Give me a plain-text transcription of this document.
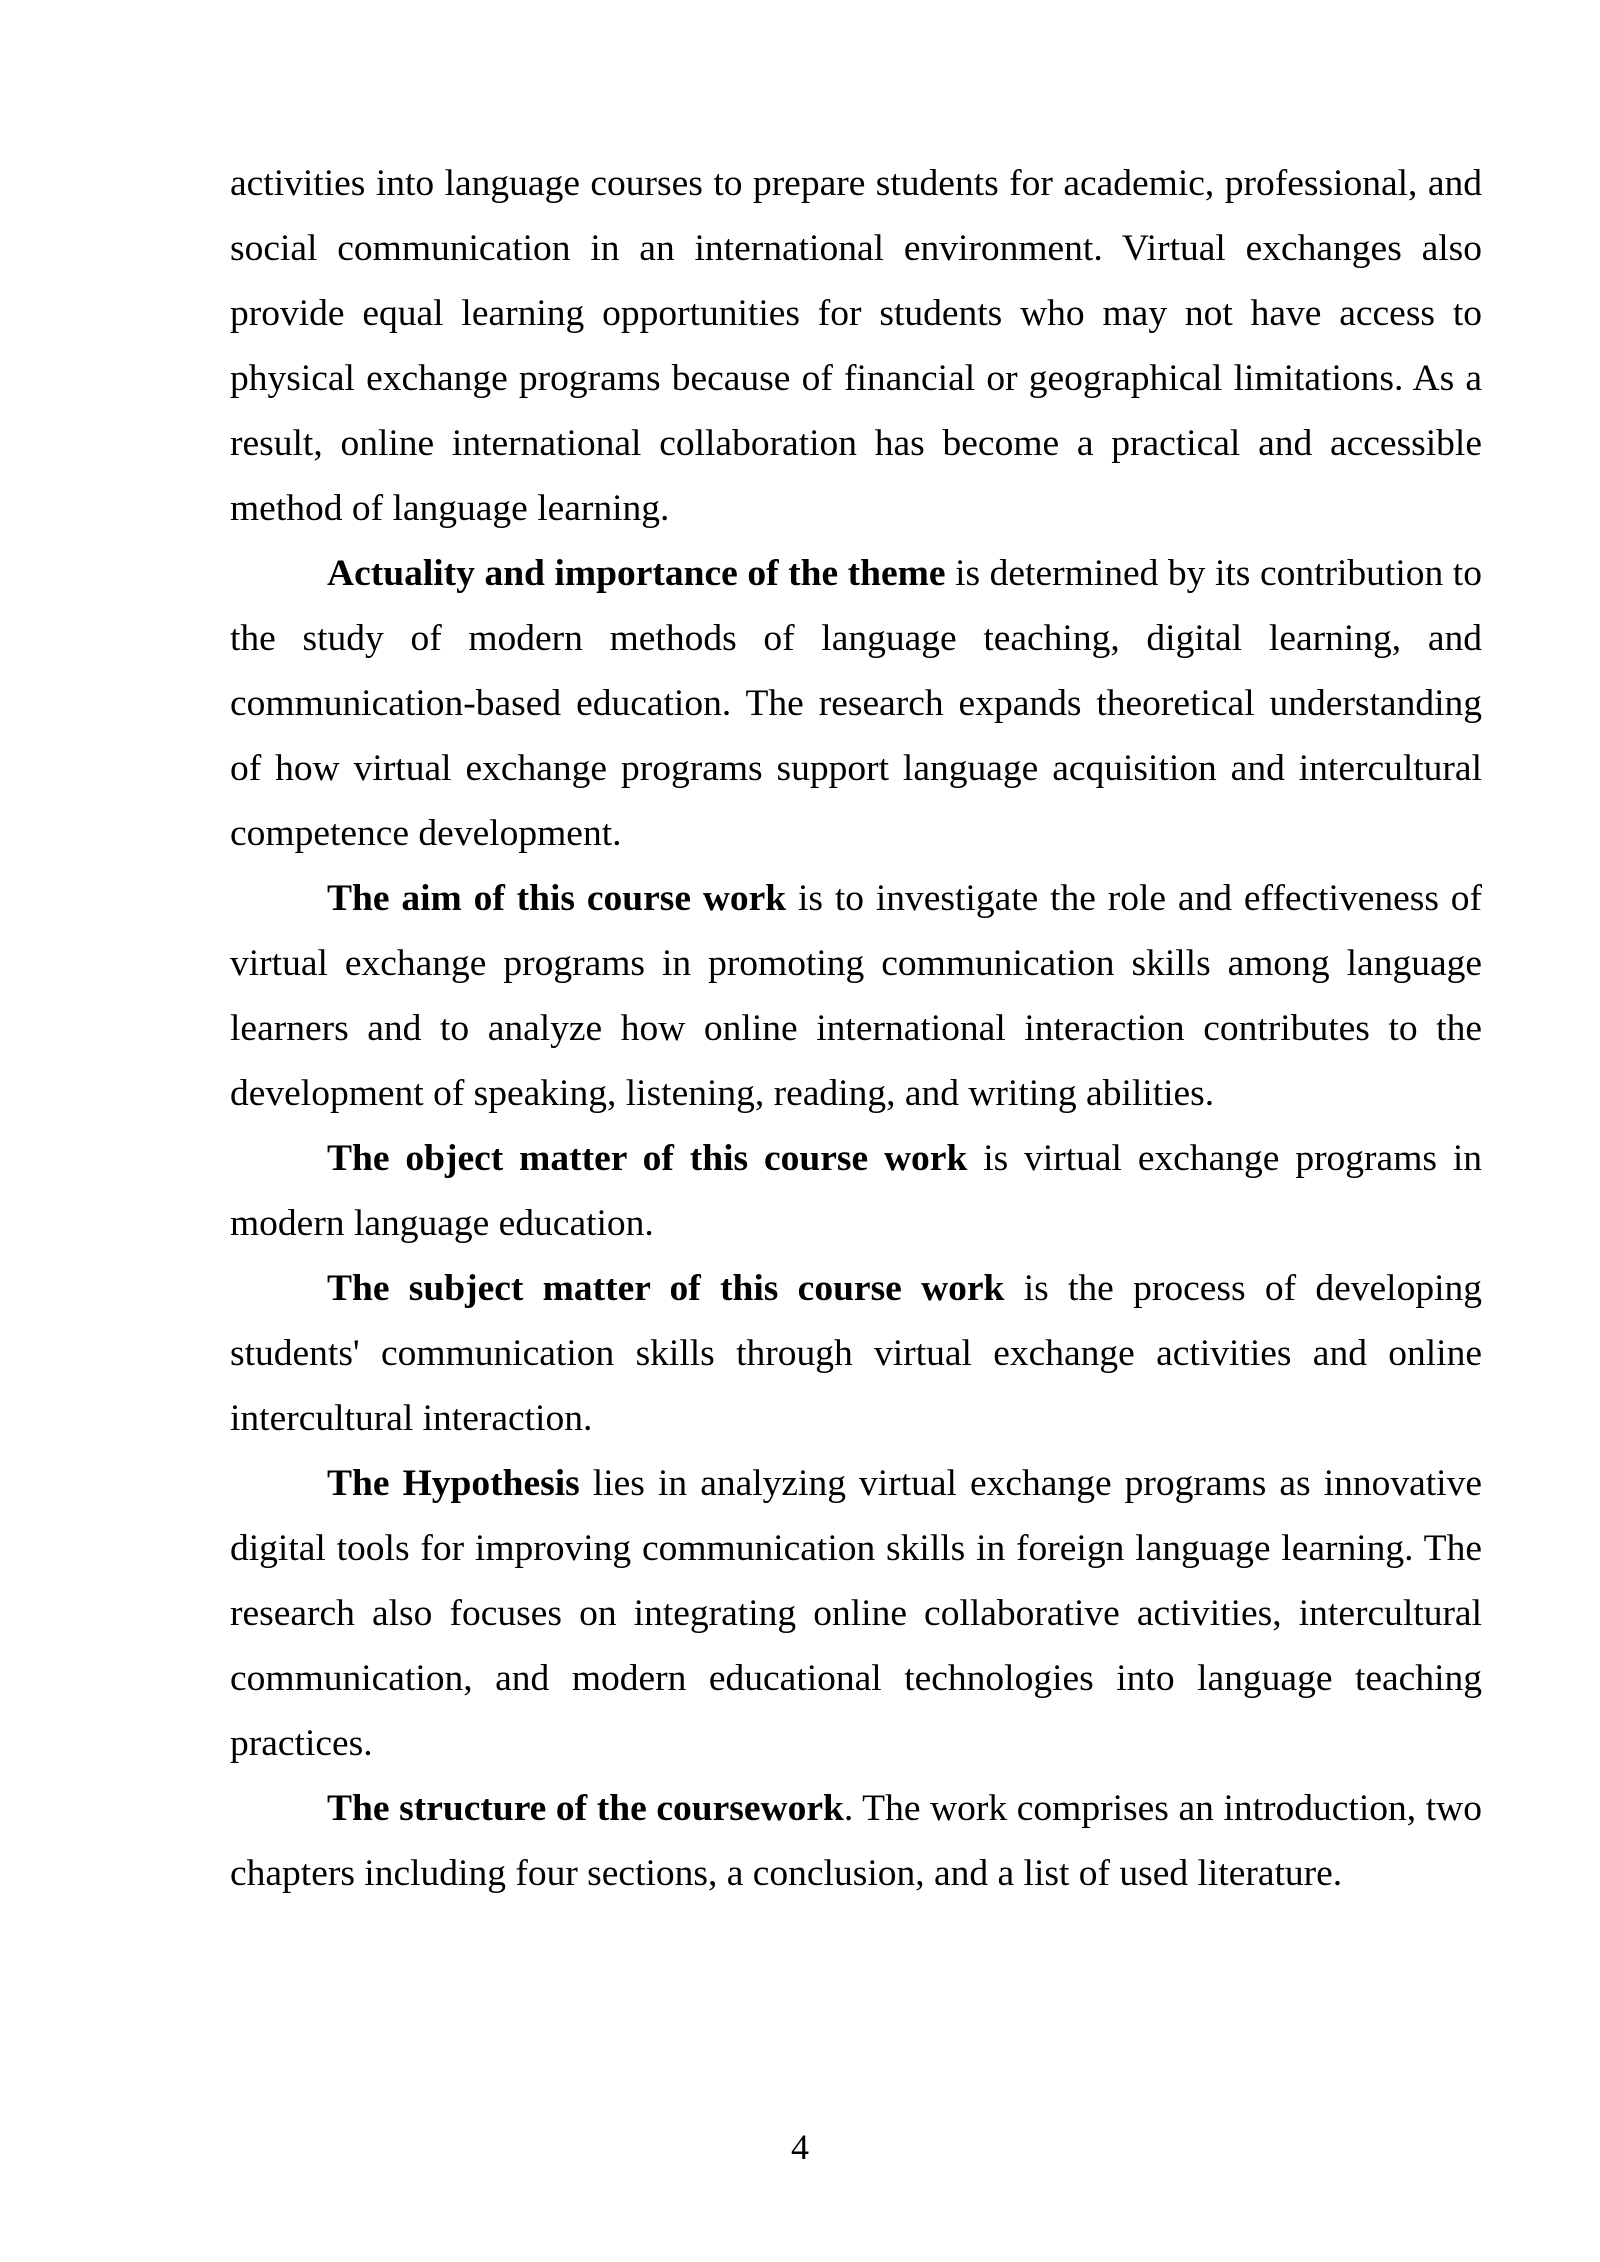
activities into language courses to prepare students for academic, professional, and social communication in an international environment. Virtual exchanges also provide equal learning opportunities for students who may not have access to physical exchange programs because of financial or geographical limitations. As a result, online international collaboration has become a practical and accessible method of language learning.

Actuality and importance of the theme is determined by its contribution to the study of modern methods of language teaching, digital learning, and communication-based education. The research expands theoretical understanding of how virtual exchange programs support language acquisition and intercultural competence development.

The aim of this course work is to investigate the role and effectiveness of virtual exchange programs in promoting communication skills among language learners and to analyze how online international interaction contributes to the development of speaking, listening, reading, and writing abilities.

The object matter of this course work is virtual exchange programs in modern language education.

The subject matter of this course work is the process of developing students' communication skills through virtual exchange activities and online intercultural interaction.

The Hypothesis lies in analyzing virtual exchange programs as innovative digital tools for improving communication skills in foreign language learning. The research also focuses on integrating online collaborative activities, intercultural communication, and modern educational technologies into language teaching practices.

The structure of the coursework. The work comprises an introduction, two chapters including four sections, a conclusion, and a list of used literature.

4
